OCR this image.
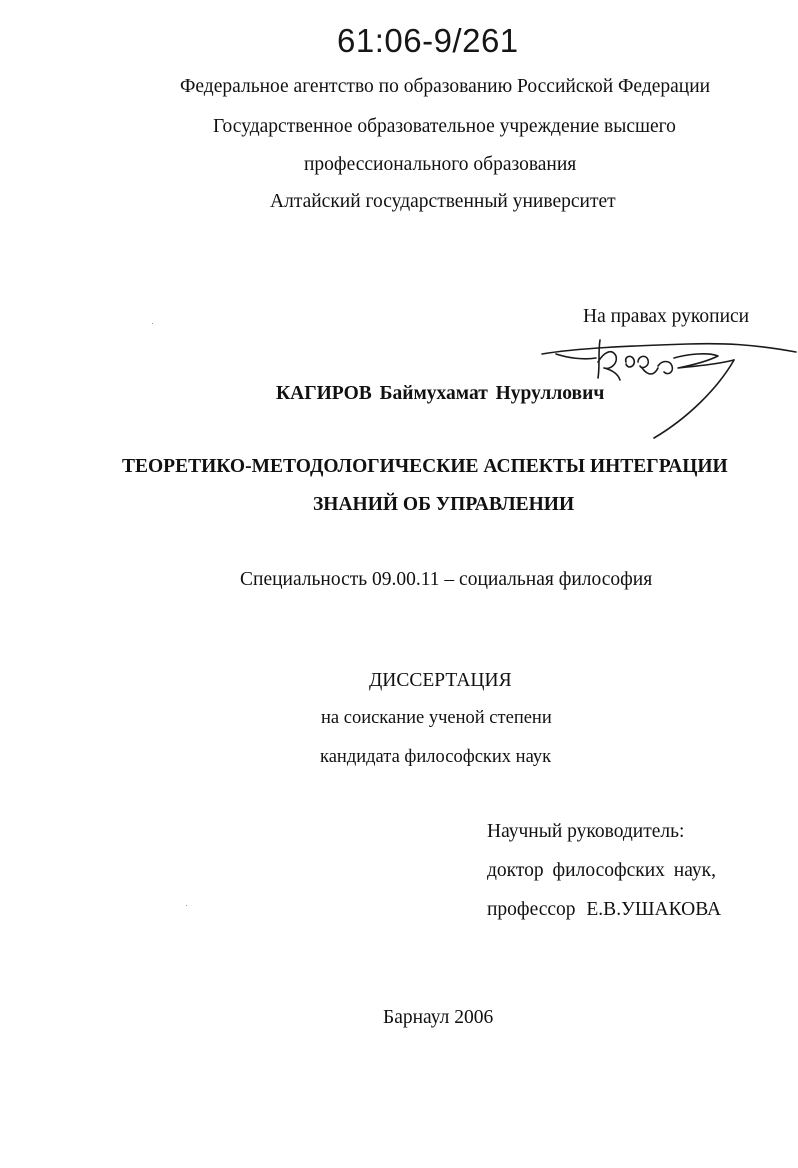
61:06-9/261
Федеральное агентство по образованию Российской Федерации
Государственное образовательное учреждение высшего
профессионального образования
Алтайский государственный университет
На правах рукописи
КАГИРОВ Баймухамат Нуруллович
ТЕОРЕТИКО-МЕТОДОЛОГИЧЕСКИЕ АСПЕКТЫ ИНТЕГРАЦИИ
ЗНАНИЙ ОБ УПРАВЛЕНИИ
Специальность 09.00.11 – социальная философия
ДИССЕРТАЦИЯ
на соискание ученой степени
кандидата философских наук
Научный руководитель:
доктор философских наук,
профессор Е.В.УШАКОВА
Барнаул 2006
